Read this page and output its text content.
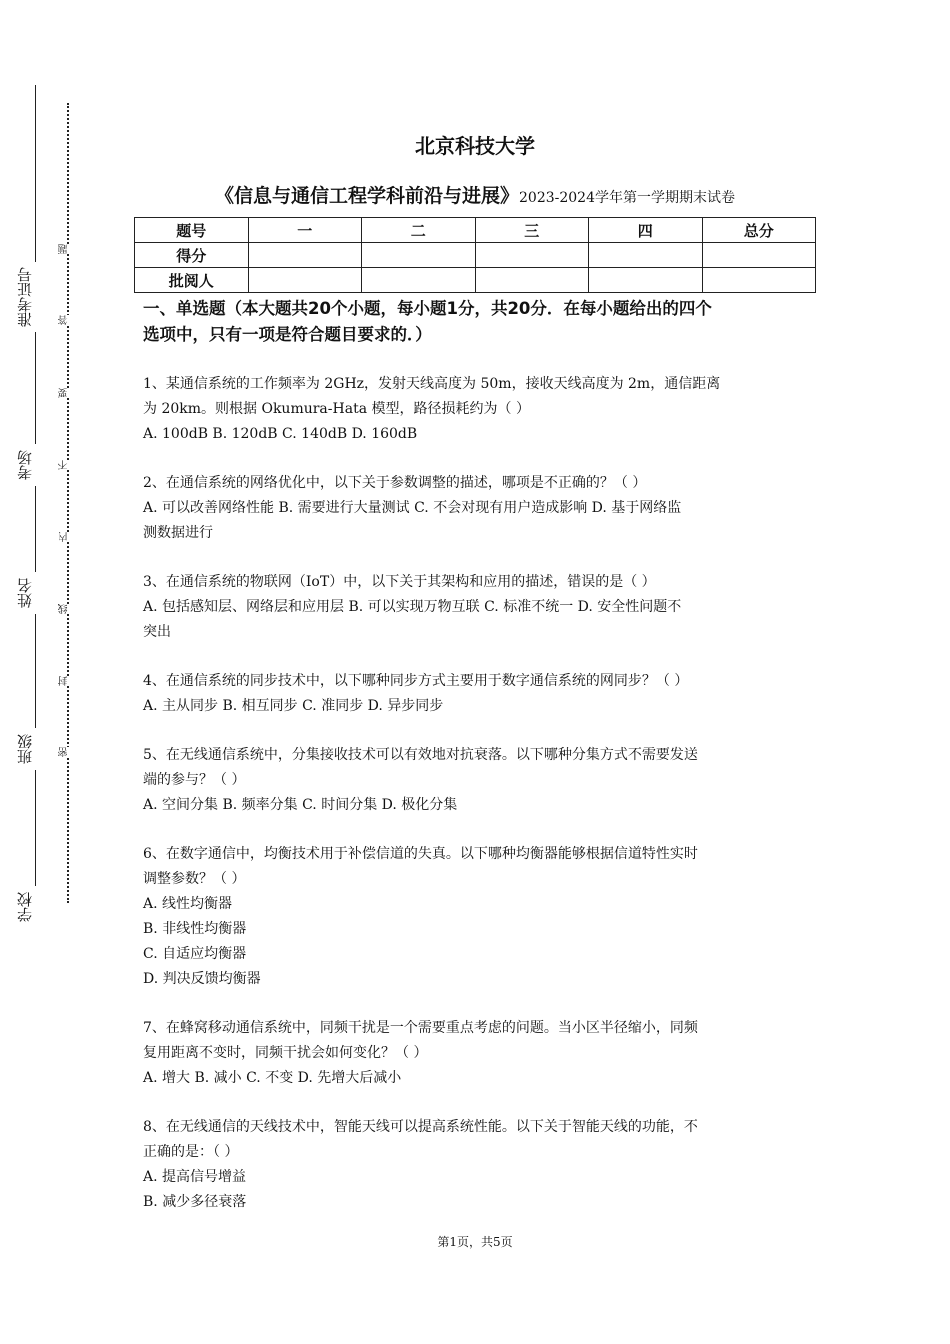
准考证号
考场
姓名
班级
学校
题
答
要
不
内
线
封
密
北京科技大学
《信息与通信工程学科前沿与进展》2023-2024学年第一学期期末试卷
题号	一	二	三	四	总分
得分					
批阅人					
一、单选题（本大题共20个小题，每小题1分，共20分．在每小题给出的四个
选项中，只有一项是符合题目要求的．）

1、某通信系统的工作频率为 2GHz，发射天线高度为 50m，接收天线高度为 2m，通信距离

为 20km。则根据 Okumura-Hata 模型，路径损耗约为（ ）

A. 100dB B. 120dB C. 140dB D. 160dB

2、在通信系统的网络优化中，以下关于参数调整的描述，哪项是不正确的？（ ）

A. 可以改善网络性能 B. 需要进行大量测试 C. 不会对现有用户造成影响 D. 基于网络监

测数据进行

3、在通信系统的物联网（IoT）中，以下关于其架构和应用的描述，错误的是（ ）

A. 包括感知层、网络层和应用层 B. 可以实现万物互联 C. 标准不统一 D. 安全性问题不

突出

4、在通信系统的同步技术中，以下哪种同步方式主要用于数字通信系统的网同步？（ ）

A. 主从同步 B. 相互同步 C. 准同步 D. 异步同步

5、在无线通信系统中，分集接收技术可以有效地对抗衰落。以下哪种分集方式不需要发送

端的参与？（ ）

A. 空间分集 B. 频率分集 C. 时间分集 D. 极化分集

6、在数字通信中，均衡技术用于补偿信道的失真。以下哪种均衡器能够根据信道特性实时

调整参数？（ ）

A. 线性均衡器

B. 非线性均衡器

C. 自适应均衡器

D. 判决反馈均衡器

7、在蜂窝移动通信系统中，同频干扰是一个需要重点考虑的问题。当小区半径缩小，同频

复用距离不变时，同频干扰会如何变化？（ ）

A. 增大 B. 减小 C. 不变 D. 先增大后减小

8、在无线通信的天线技术中，智能天线可以提高系统性能。以下关于智能天线的功能，不

正确的是：（ ）

A. 提高信号增益

B. 减少多径衰落

第1页，共5页
